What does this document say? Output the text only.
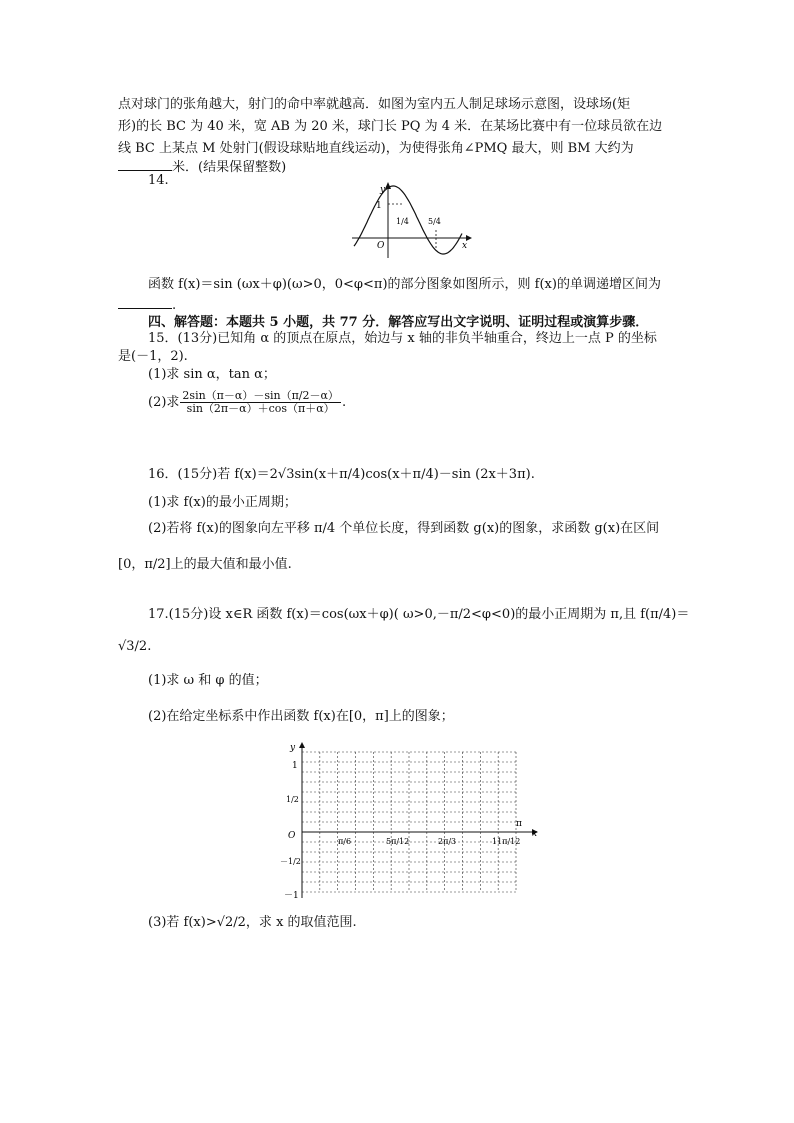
点对球门的张角越大，射门的命中率就越高．如图为室内五人制足球场示意图，设球场(矩
形)的长 BC 为 40 米，宽 AB 为 20 米，球门长 PQ 为 4 米．在某场比赛中有一位球员欲在边
线 BC 上某点 M 处射门(假设球贴地直线运动)，为使得张角∠PMQ 最大，则 BM 大约为
米．(结果保留整数)
14.
y
x
O
1
1/4 5/4
函数 f(x)＝sin (ωx＋φ)(ω>0，0<φ<π)的部分图象如图所示，则 f(x)的单调递增区间为
.
四、解答题：本题共 5 小题，共 77 分．解答应写出文字说明、证明过程或演算步骤．
15．(13分)已知角 α 的顶点在原点，始边与 x 轴的非负半轴重合，终边上一点 P 的坐标
是(－1，2).
(1)求 sin α，tan α；
(2)求 $\frac{2\sin(\pi-\alpha)-\sin(\pi/2-\alpha)}{\sin(2\pi-\alpha)+\cos(\pi+\alpha)}$ .
16．(15分)若 f(x)＝2√3sin(x＋π/4)cos(x＋π/4)－sin (2x＋3π).
(1)求 f(x)的最小正周期；
(2)若将 f(x)的图象向左平移 π/4 个单位长度，得到函数 g(x)的图象，求函数 g(x)在区间
[0，π/2]上的最大值和最小值.
17.(15分)设 x∈R 函数 f(x)＝cos(ωx＋φ)( ω>0,－π/2<φ<0)的最小正周期为 π,且 f(π/4)＝
√3/2.
(1)求 ω 和 φ 的值；
(2)在给定坐标系中作出函数 f(x)在[0，π]上的图象；
y
x
O
1
1/2
－1/2
－1
π/6	5π/12	2π/3	11π/12
π
(3)若 f(x)>√2/2，求 x 的取值范围.
